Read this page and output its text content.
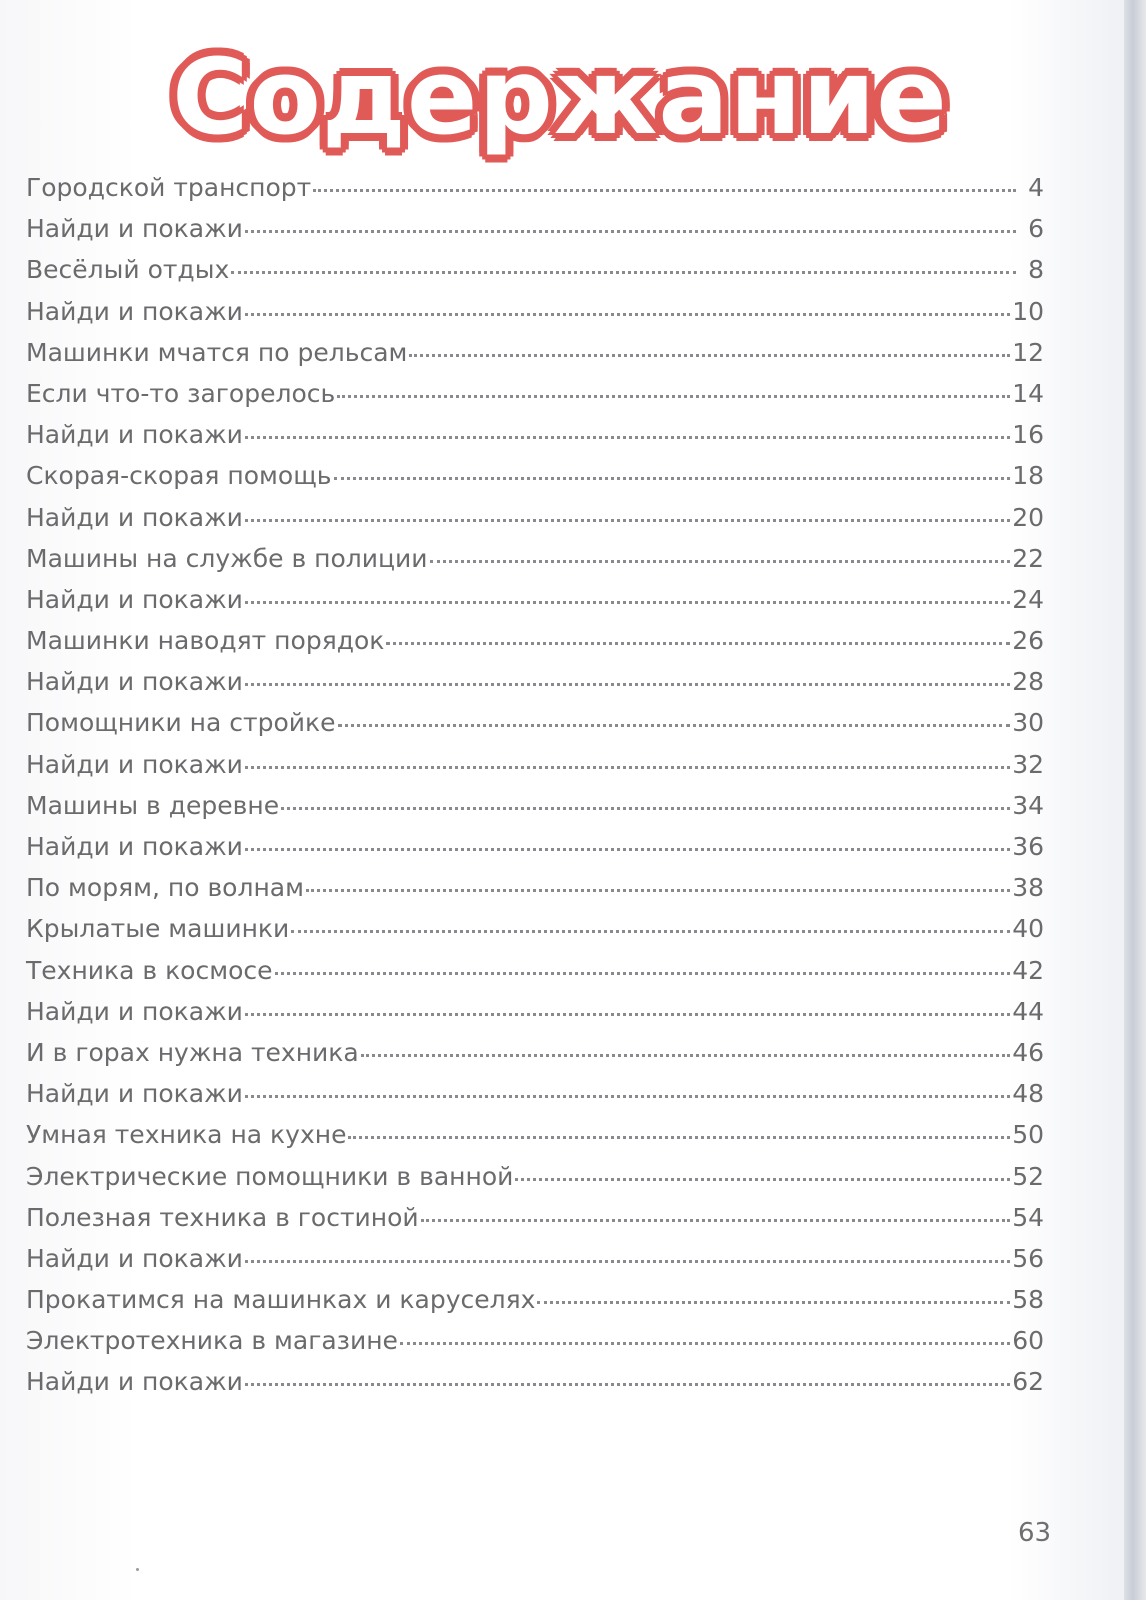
Содержание
Городской транспорт	4
Найди и покажи	6
Весёлый отдых	8
Найди и покажи	10
Машинки мчатся по рельсам	12
Если что-то загорелось	14
Найди и покажи	16
Скорая-скорая помощь	18
Найди и покажи	20
Машины на службе в полиции	22
Найди и покажи	24
Машинки наводят порядок	26
Найди и покажи	28
Помощники на стройке	30
Найди и покажи	32
Машины в деревне	34
Найди и покажи	36
По морям, по волнам	38
Крылатые машинки	40
Техника в космосе	42
Найди и покажи	44
И в горах нужна техника	46
Найди и покажи	48
Умная техника на кухне	50
Электрические помощники в ванной	52
Полезная техника в гостиной	54
Найди и покажи	56
Прокатимся на машинках и каруселях	58
Электротехника в магазине	60
Найди и покажи	62
63
